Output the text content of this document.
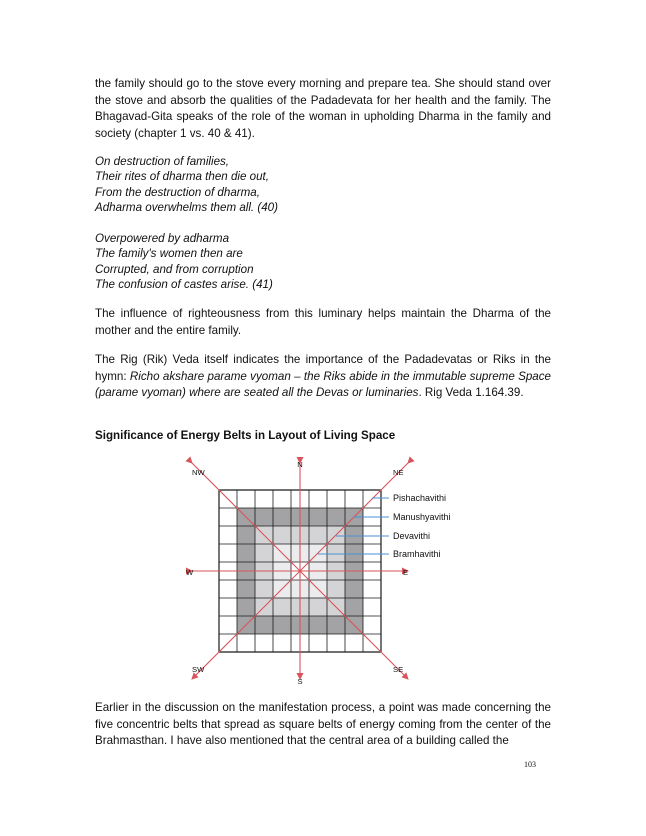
the family should go to the stove every morning and prepare tea. She should stand over the stove and absorb the qualities of the Padadevata for her health and the family. The Bhagavad-Gita speaks of the role of the woman in upholding Dharma in the family and society (chapter 1 vs. 40 & 41).

On destruction of families,
Their rites of dharma then die out,
From the destruction of dharma,
Adharma overwhelms them all. (40)
Overpowered by adharma
The family's women then are
Corrupted, and from corruption
The confusion of castes arise. (41)

The influence of righteousness from this luminary helps maintain the Dharma of the mother and the entire family.

The Rig (Rik) Veda itself indicates the importance of the Padadevatas or Riks in the hymn: Richo akshare parame vyoman – the Riks abide in the immutable supreme Space (parame vyoman) where are seated all the Devas or luminaries. Rig Veda 1.164.39.

Significance of Energy Belts in Layout of Living Space

N
NE
E
SE
S
SW
W
NW
Pishachavithi
Manushyavithi
Devavithi
Bramhavithi

Earlier in the discussion on the manifestation process, a point was made concerning the five concentric belts that spread as square belts of energy coming from the center of the Brahmasthan. I have also mentioned that the central area of a building called the

103
